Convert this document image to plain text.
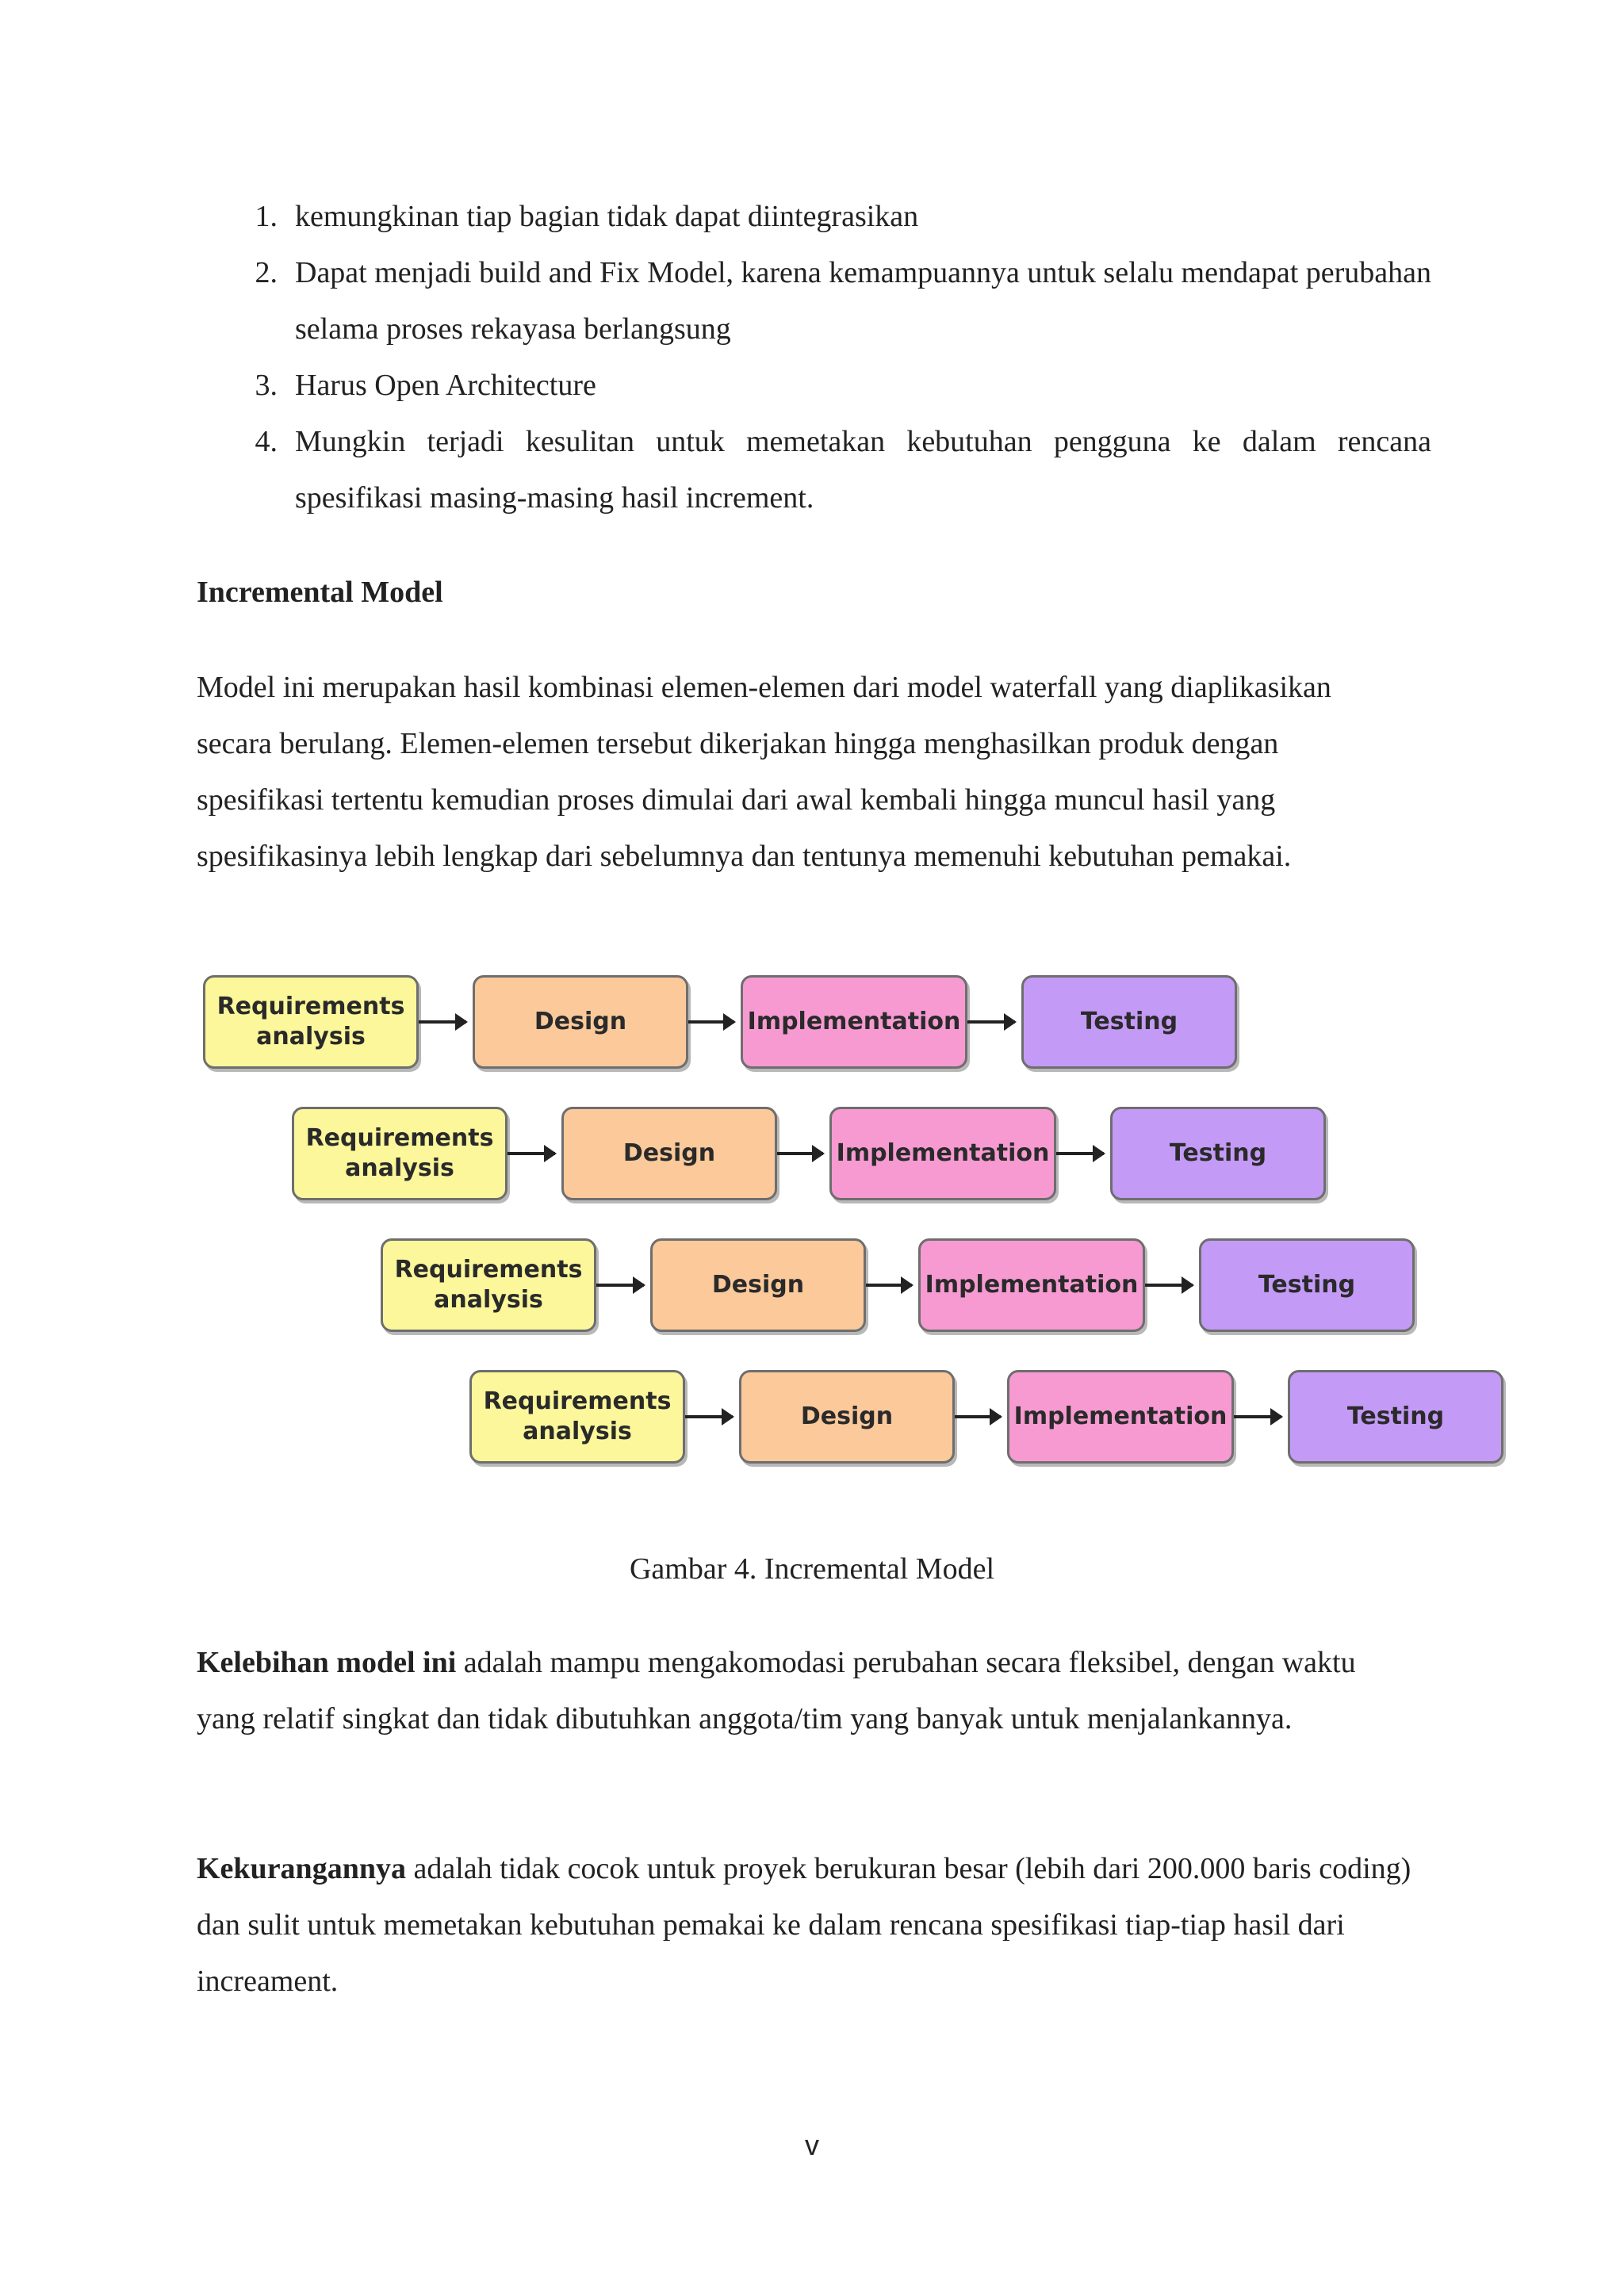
1. kemungkinan tiap bagian tidak dapat diintegrasikan
2. Dapat menjadi build and Fix Model, karena kemampuannya untuk selalu mendapat perubahan selama proses rekayasa berlangsung
3. Harus Open Architecture
4. Mungkin terjadi kesulitan untuk memetakan kebutuhan pengguna ke dalam rencana spesifikasi masing-masing hasil increment.
Incremental Model

Model ini merupakan hasil kombinasi elemen-elemen dari model waterfall yang diaplikasikan secara berulang. Elemen-elemen tersebut dikerjakan hingga menghasilkan produk dengan spesifikasi tertentu kemudian proses dimulai dari awal kembali hingga muncul hasil yang spesifikasinya lebih lengkap dari sebelumnya dan tentunya memenuhi kebutuhan pemakai.

Requirements analysis
Design	Implementation	Testing
Requirements analysis
Design	Implementation	Testing
Requirements analysis
Design	Implementation	Testing
Requirements analysis
Design	Implementation	Testing
Gambar 4. Incremental Model

Kelebihan model ini adalah mampu mengakomodasi perubahan secara fleksibel, dengan waktu yang relatif singkat dan tidak dibutuhkan anggota/tim yang banyak untuk menjalankannya.

Kekurangannya adalah tidak cocok untuk proyek berukuran besar (lebih dari 200.000 baris coding) dan sulit untuk memetakan kebutuhan pemakai ke dalam rencana spesifikasi tiap-tiap hasil dari increament.

v
